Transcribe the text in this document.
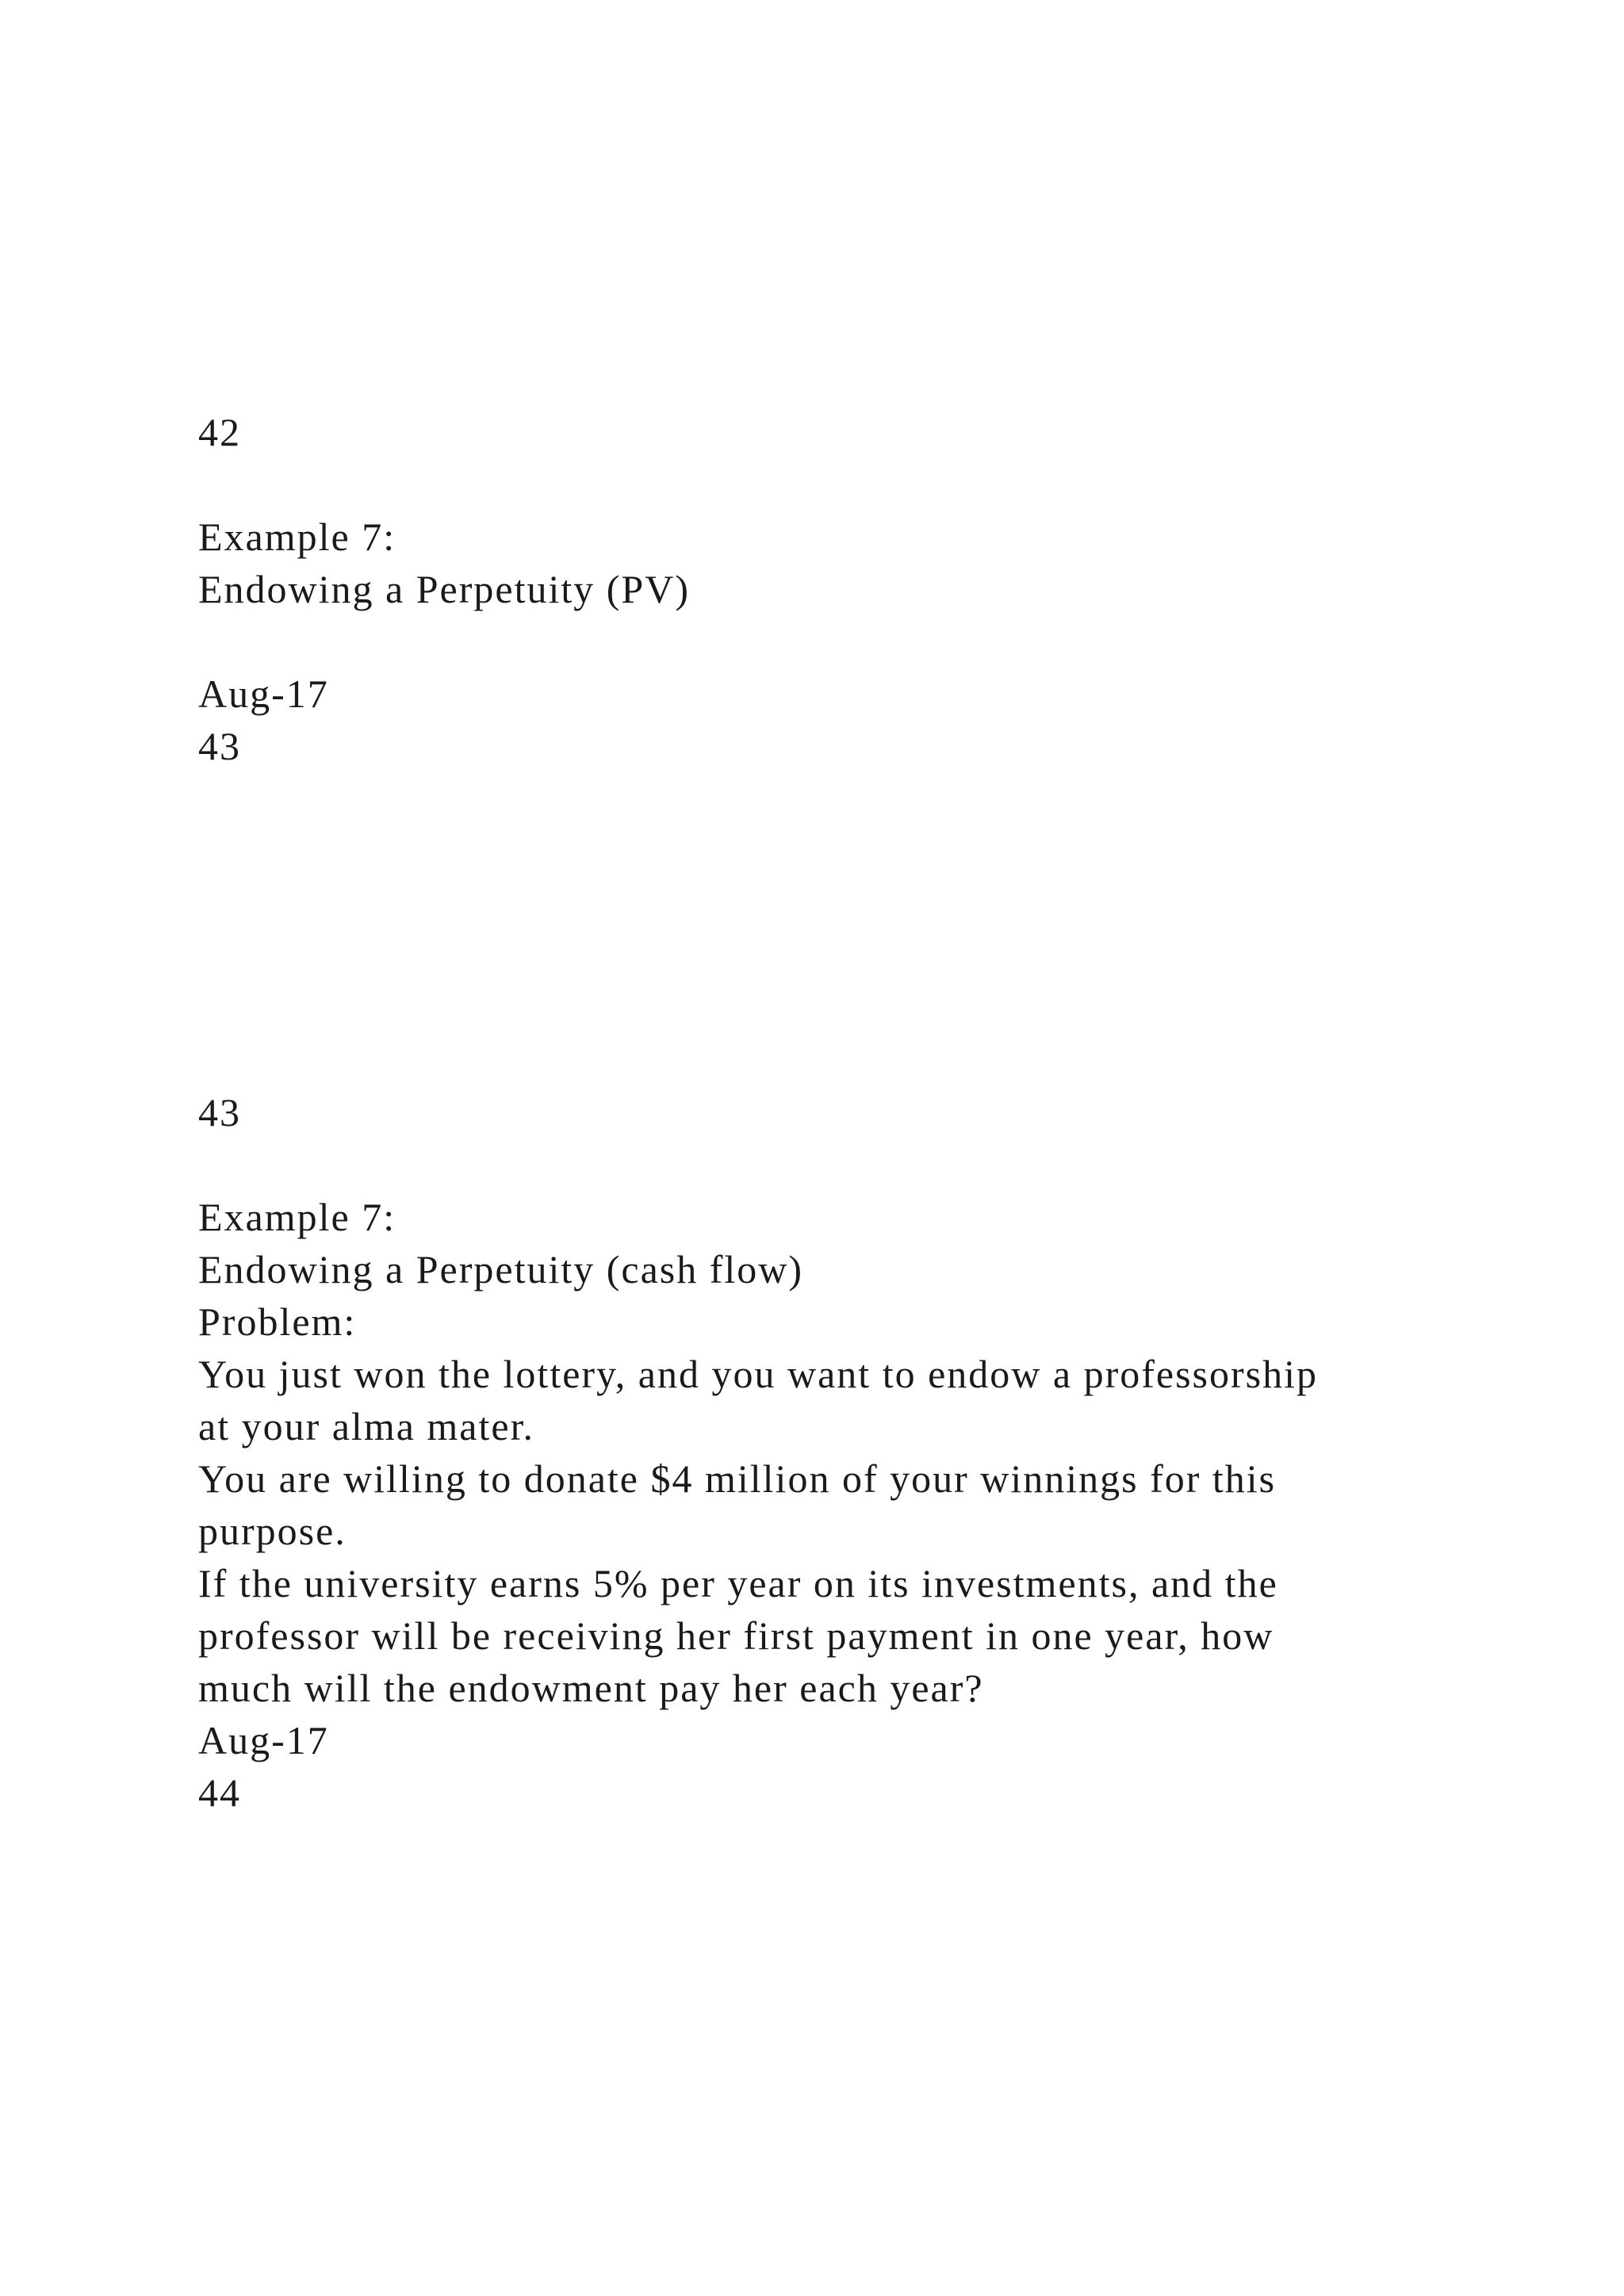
42

Example 7:

Endowing a Perpetuity (PV)

Aug-17

43

43

Example 7:

Endowing a Perpetuity (cash flow)

Problem:

You just won the lottery, and you want to endow a professorship

at your alma mater.

You are willing to donate $4 million of your winnings for this

purpose.

If the university earns 5% per year on its investments, and the

professor will be receiving her first payment in one year, how

much will the endowment pay her each year?

Aug-17

44
